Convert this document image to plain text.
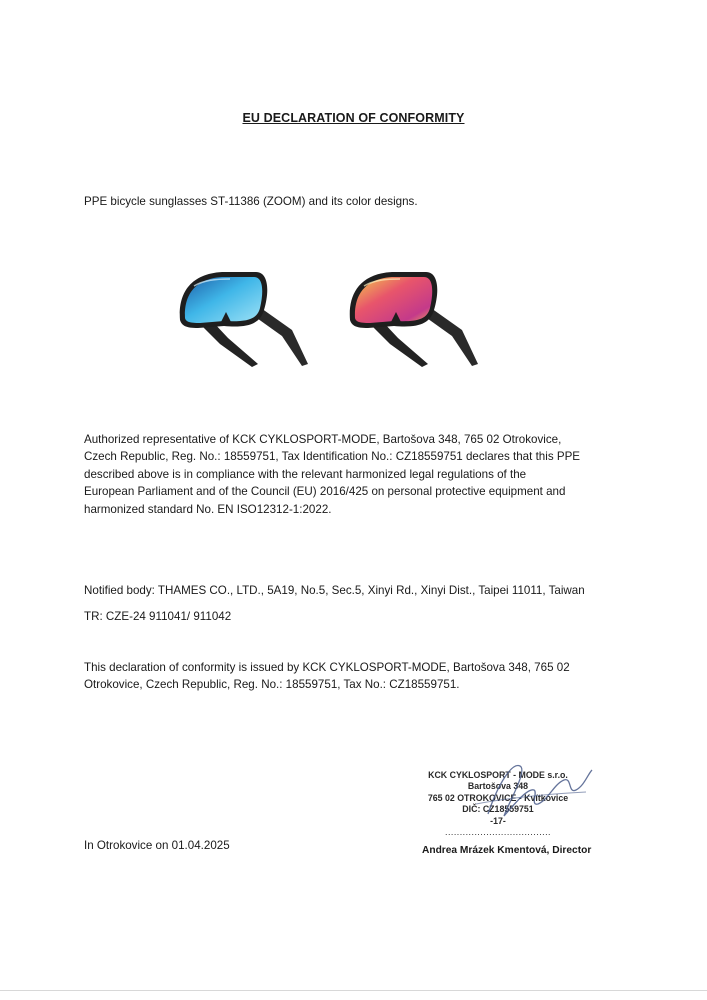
EU DECLARATION OF CONFORMITY
PPE bicycle sunglasses ST-11386 (ZOOM) and its color designs.
Authorized representative of KCK CYKLOSPORT-MODE, Bartošova 348, 765 02 Otrokovice,
Czech Republic, Reg. No.: 18559751, Tax Identification No.: CZ18559751 declares that this PPE
described above is in compliance with the relevant harmonized legal regulations of the
European Parliament and of the Council (EU) 2016/425 on personal protective equipment and
harmonized standard No. EN ISO12312-1:2022.
Notified body: THAMES CO., LTD., 5A19, No.5, Sec.5, Xinyi Rd., Xinyi Dist., Taipei 11011, Taiwan
TR: CZE-24 911041/ 911042
This declaration of conformity is issued by KCK CYKLOSPORT-MODE, Bartošova 348, 765 02
Otrokovice, Czech Republic, Reg. No.: 18559751, Tax No.: CZ18559751.
In Otrokovice on 01.04.2025
KCK CYKLOSPORT - MODE s.r.o.
Bartošova 348
765 02 OTROKOVICE - Kvítkovice
DIČ: CZ18559751
-17-
....................................
Andrea Mrázek Kmentová, Director
